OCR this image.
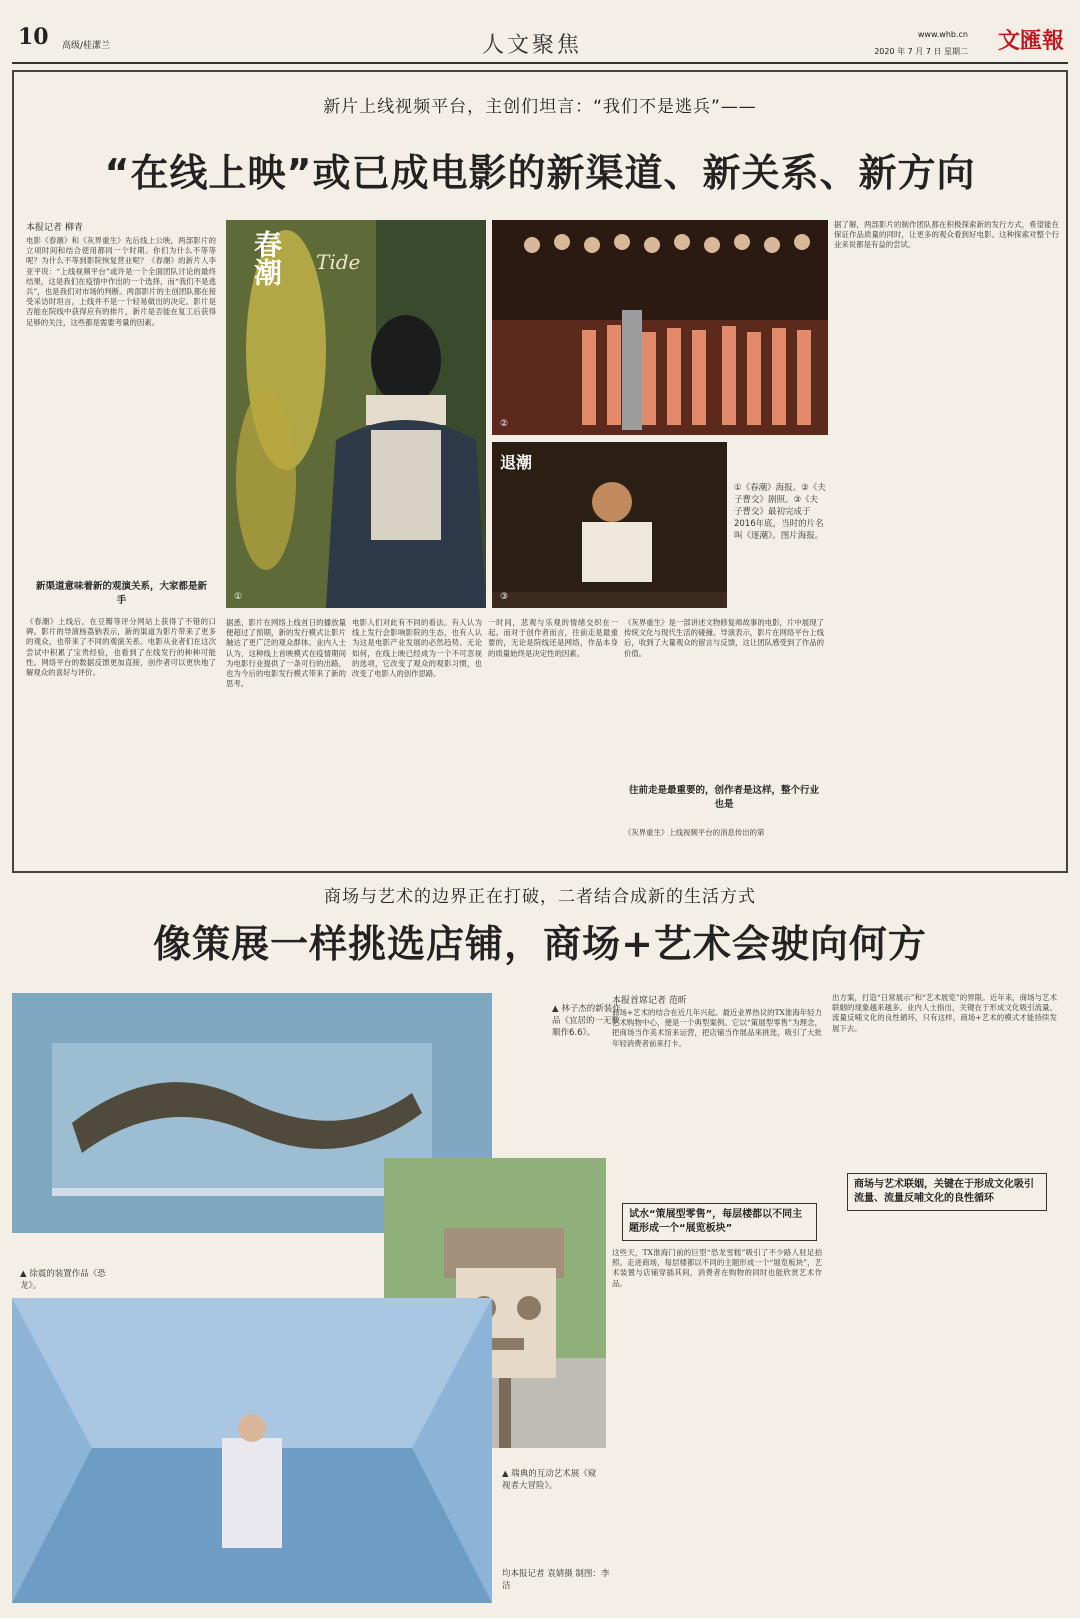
10 高级/桂潔兰	人文聚焦	www.whb.cn
2020 年 7 月 7 日 星期二 文匯報
新片上线视频平台，主创们坦言：“我们不是逃兵”——
“在线上映”或已成电影的新渠道、新关系、新方向
本报记者 柳青
电影《春潮》和《灰界重生》先后线上公映，两部影片的立项时间和结合使用都同一个时期。你们为什么不等等呢？为什么不等到影院恢复营业呢？《春潮》的新片人李亚平说：“上线视频平台”或许是一个全面团队讨论的最终结果，这是我们在疫情中作出的一个选择，而“我们不是逃兵”，也是我们对市场的判断。两部影片的主创团队都在接受采访时坦言，上线并不是一个轻易做出的决定。影片是否能在院线中获得应有的排片，新片是否能在复工后获得足够的关注，这些都是需要考量的因素。
新渠道意味着新的观演关系，大家都是新手
《春潮》上线后，在豆瓣等评分网站上获得了不错的口碑。影片的导演杨荔钠表示，新的渠道为影片带来了更多的观众，也带来了不同的观演关系。电影从业者们在这次尝试中积累了宝贵经验，也看到了在线发行的种种可能性。网络平台的数据反馈更加直接，创作者可以更快地了解观众的喜好与评价。
春潮 Tide
①
②
退潮
③
①《春潮》海报。②《夫子曹交》剧照。③《夫子曹交》最初完成于2016年底，当时的片名叫《逐潮》。图片海报。
据悉，影片在网络上线首日的播放量便超过了预期，新的发行模式让影片触达了更广泛的观众群体。业内人士认为，这种线上首映模式在疫情期间为电影行业提供了一条可行的出路，也为今后的电影发行模式带来了新的思考。
电影人们对此有不同的看法。有人认为线上发行会影响影院的生态，也有人认为这是电影产业发展的必然趋势。无论如何，在线上映已经成为一个不可忽视的选项，它改变了观众的观影习惯，也改变了电影人的创作思路。
一时间，悲观与乐观的情绪交织在一起。而对于创作者而言，往前走是最重要的，无论是院线还是网络，作品本身的质量始终是决定性的因素。
《灰界重生》是一部讲述文物修复师故事的电影，片中展现了传统文化与现代生活的碰撞。导演表示，影片在网络平台上线后，收到了大量观众的留言与反馈，这让团队感受到了作品的价值。
往前走是最重要的，创作者是这样，整个行业也是
《灰界重生》上线视频平台的消息传出的第
据了解，两部影片的制作团队都在积极探索新的发行方式，希望能在保证作品质量的同时，让更多的观众看到好电影。这种探索对整个行业来说都是有益的尝试。
商场与艺术的边界正在打破，二者结合成新的生活方式
像策展一样挑选店铺，商场+艺术会驶向何方
▲ 林子杰的新装作品《宜居的一无数顺作6.6》。
▲ 徐震的装置作品《恐龙》。
▲ 瑞典的互动艺术展《窥视者大冒险》。
均本报记者 袁婧摄 制图：李洁
本报首席记者 范昕
商场+艺术的结合在近几年兴起。最近业界热议的TX淮海年轻力艺术购物中心，便是一个典型案例。它以“策展型零售”为理念，把商场当作美术馆来运营，把店铺当作展品来挑选，吸引了大批年轻消费者前来打卡。
试水“策展型零售”，每层楼都以不同主题形成一个“展览板块”
这些天，TX淮海门前的巨型“恐龙雪糕”吸引了不少路人驻足拍照。走进商场，每层楼都以不同的主题形成一个“展览板块”，艺术装置与店铺穿插其间，消费者在购物的同时也能欣赏艺术作品。
出方案，打造“日常展示”和“艺术展览”的界限。近年来，商场与艺术联姻的现象越来越多。业内人士指出，关键在于形成文化吸引流量、流量反哺文化的良性循环，只有这样，商场+艺术的模式才能持续发展下去。
商场与艺术联姻，关键在于形成文化吸引流量、流量反哺文化的良性循环
